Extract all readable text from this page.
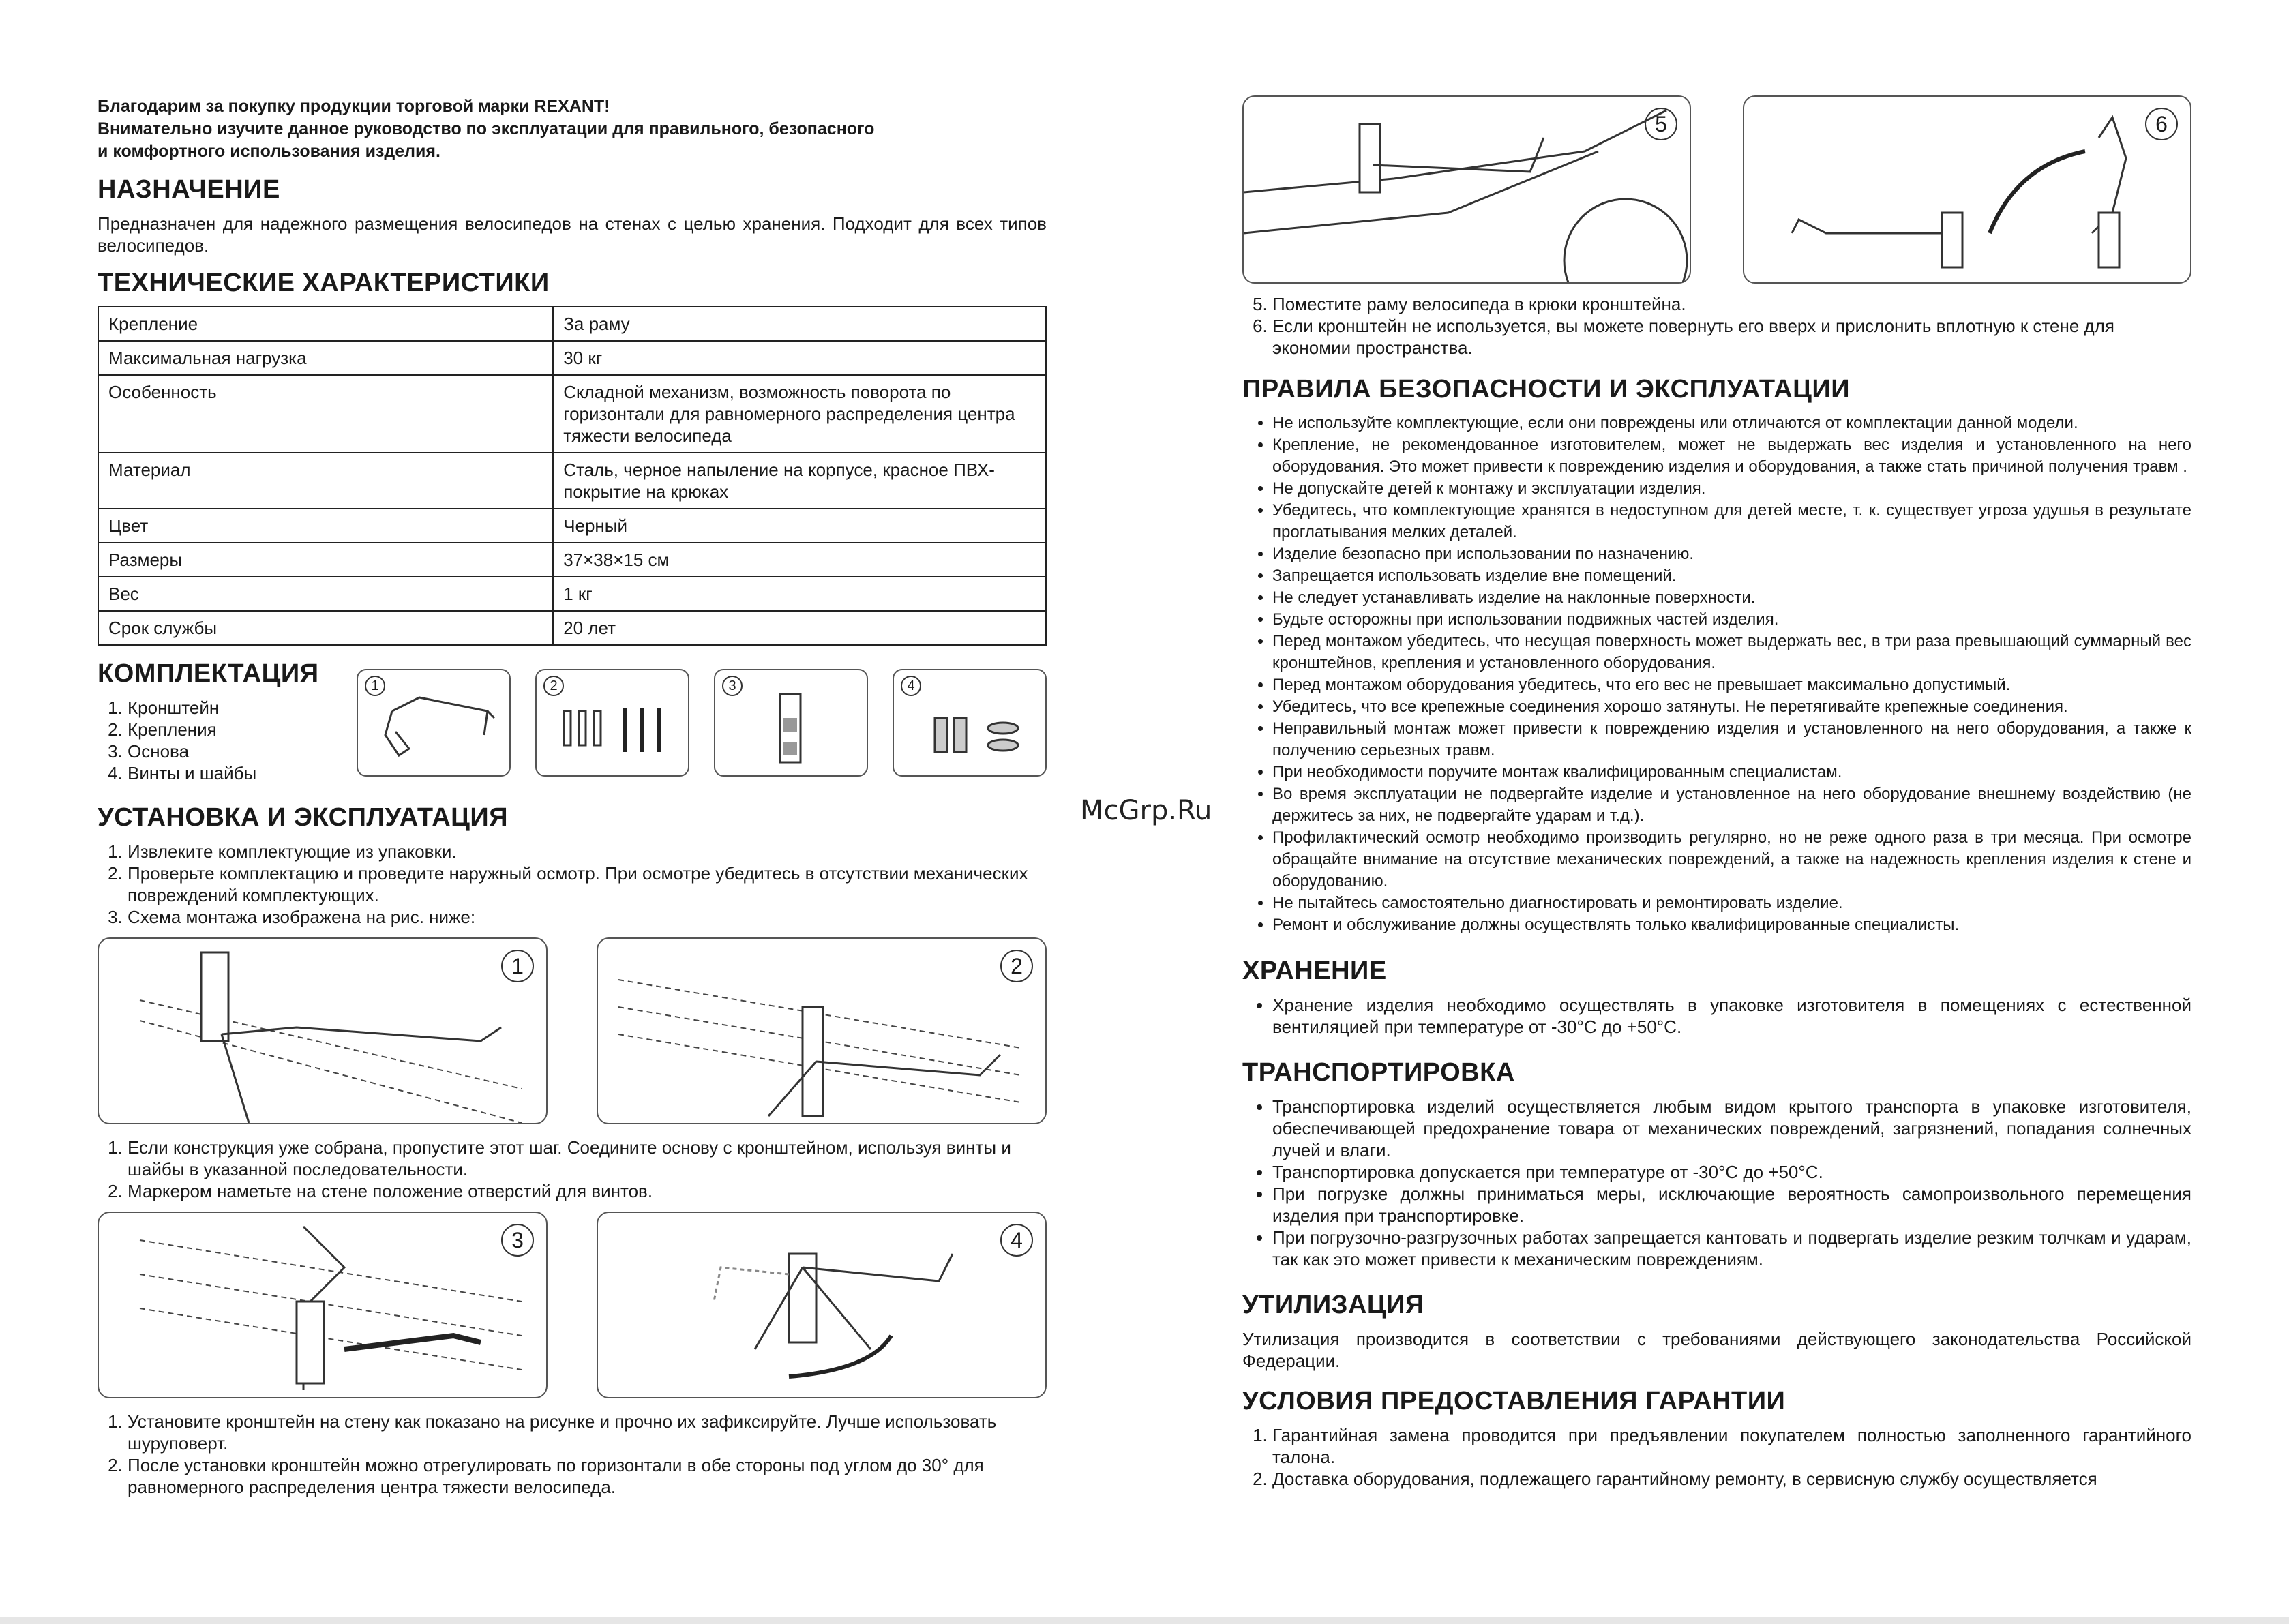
Благодарим за покупку продукции торговой марки REXANT!
Внимательно изучите данное руководство по эксплуатации для правильного, безопасного
и комфортного использования изделия.
НАЗНАЧЕНИЕ

Предназначен для надежного размещения велосипедов на стенах с целью хранения. Подходит для всех типов велосипедов.

ТЕХНИЧЕСКИЕ ХАРАКТЕРИСТИКИ
Крепление	За раму
Максимальная нагрузка	30 кг
Особенность	Складной механизм, возможность поворота по горизонтали для равномерного распределения центра тяжести велосипеда
Материал	Сталь, черное напыление на корпусе, красное ПВХ-покрытие на крюках
Цвет	Черный
Размеры	37×38×15 см
Вес	1 кг
Срок службы	20 лет
КОМПЛЕКТАЦИЯ
1. Кронштейн
2. Крепления
3. Основа
4. Винты и шайбы
1	2	3	4
УСТАНОВКА И ЭКСПЛУАТАЦИЯ
1. Извлеките комплектующие из упаковки.
2. Проверьте комплектацию и проведите наружный осмотр. При осмотре убедитесь в отсутствии механических повреждений комплектующих.
3. Схема монтажа изображена на рис. ниже:
1	2
1. Если конструкция уже собрана, пропустите этот шаг. Соедините основу с кронштейном, используя винты и шайбы в указанной последовательности.
2. Маркером наметьте на стене положение отверстий для винтов.
3	4
1. Установите кронштейн на стену как показано на рисунке и прочно их зафиксируйте. Лучше использовать шуруповерт.
2. После установки кронштейн можно отрегулировать по горизонтали в обе стороны под углом до 30° для равномерного распределения центра тяжести велосипеда.
McGrp.Ru
5	6
5. Поместите раму велосипеда в крюки кронштейна.
6. Если кронштейн не используется, вы можете повернуть его вверх и прислонить вплотную к стене для экономии пространства.
ПРАВИЛА БЕЗОПАСНОСТИ И ЭКСПЛУАТАЦИИ
• Не используйте комплектующие, если они повреждены или отличаются от комплектации данной модели.
• Крепление, не рекомендованное изготовителем, может не выдержать вес изделия и установленного на него оборудования. Это может привести к повреждению изделия и оборудования, а также стать причиной получения травм .
• Не допускайте детей к монтажу и эксплуатации изделия.
• Убедитесь, что комплектующие хранятся в недоступном для детей месте, т. к. существует угроза удушья в результате проглатывания мелких деталей.
• Изделие безопасно при использовании по назначению.
• Запрещается использовать изделие вне помещений.
• Не следует устанавливать изделие на наклонные поверхности.
• Будьте осторожны при использовании подвижных частей изделия.
• Перед монтажом убедитесь, что несущая поверхность может выдержать вес, в три раза превышающий суммарный вес кронштейнов, крепления и установленного оборудования.
• Перед монтажом оборудования убедитесь, что его вес не превышает максимально допустимый.
• Убедитесь, что все крепежные соединения хорошо затянуты. Не перетягивайте крепежные соединения.
• Неправильный монтаж может привести к повреждению изделия и установленного на него оборудования, а также к получению серьезных травм.
• При необходимости поручите монтаж квалифицированным специалистам.
• Во время эксплуатации не подвергайте изделие и установленное на него оборудование внешнему воздействию (не держитесь за них, не подвергайте ударам и т.д.).
• Профилактический осмотр необходимо производить регулярно, но не реже одного раза в три месяца. При осмотре обращайте внимание на отсутствие механических повреждений, а также на надежность крепления изделия к стене и оборудованию.
• Не пытайтесь самостоятельно диагностировать и ремонтировать изделие.
• Ремонт и обслуживание должны осуществлять только квалифицированные специалисты.
ХРАНЕНИЕ
• Хранение изделия необходимо осуществлять в упаковке изготовителя в помещениях с естественной вентиляцией при температуре от -30°С до +50°С.
ТРАНСПОРТИРОВКА
• Транспортировка изделий осуществляется любым видом крытого транспорта в упаковке изготовителя, обеспечивающей предохранение товара от механических повреждений, загрязнений, попадания солнечных лучей и влаги.
• Транспортировка допускается при температуре от -30°С до +50°С.
• При погрузке должны приниматься меры, исключающие вероятность самопроизвольного перемещения изделия при транспортировке.
• При погрузочно-разгрузочных работах запрещается кантовать и подвергать изделие резким толчкам и ударам, так как это может привести к механическим повреждениям.
УТИЛИЗАЦИЯ

Утилизация производится в соответствии с требованиями действующего законодательства Российской Федерации.

УСЛОВИЯ ПРЕДОСТАВЛЕНИЯ ГАРАНТИИ
1. Гарантийная замена проводится при предъявлении покупателем полностью заполненного гарантийного талона.
2. Доставка оборудования, подлежащего гарантийному ремонту, в сервисную службу осуществляется
